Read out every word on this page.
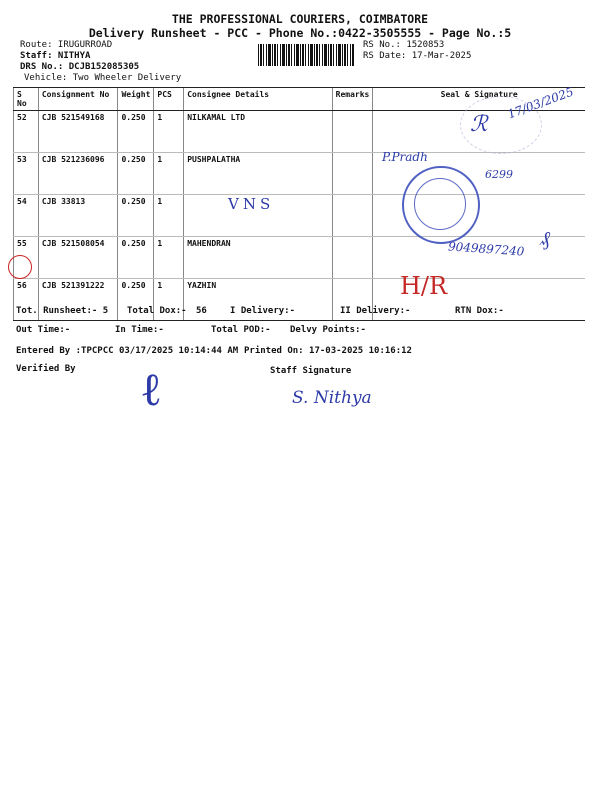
THE PROFESSIONAL COURIERS, COIMBATORE
Delivery Runsheet - PCC - Phone No.:0422-3505555 - Page No.:5
Route: IRUGURROAD
Staff: NITHYA
DRS No.: DCJB152085305
Vehicle: Two Wheeler Delivery
RS No.: 1520853
RS Date: 17-Mar-2025
S No	Consignment No	Weight	PCS	Consignee Details	Remarks	Seal & Signature
52	CJB 521549168	0.250	1	NILKAMAL LTD		
53	CJB 521236096	0.250	1	PUSHPALATHA		
54	CJB 33813	0.250	1			
55	CJB 521508054	0.250	1	MAHENDRAN		
56	CJB 521391222	0.250	1	YAZHIN		
17/03/2025
ℛ
P.Pradh
6299
VNS
9049897240 ₰
H/R
Tot. Runsheet:- 5 Total Dox:- 56	I Delivery:-	II Delivery:-	RTN Dox:-
Out Time:-	In Time:-	Total POD:- Delvy Points:-
Entered By :TPCPCC 03/17/2025 10:14:44 AM Printed On: 17-03-2025 10:16:12
Verified By	Staff Signature
ℓ	S. Nithya
